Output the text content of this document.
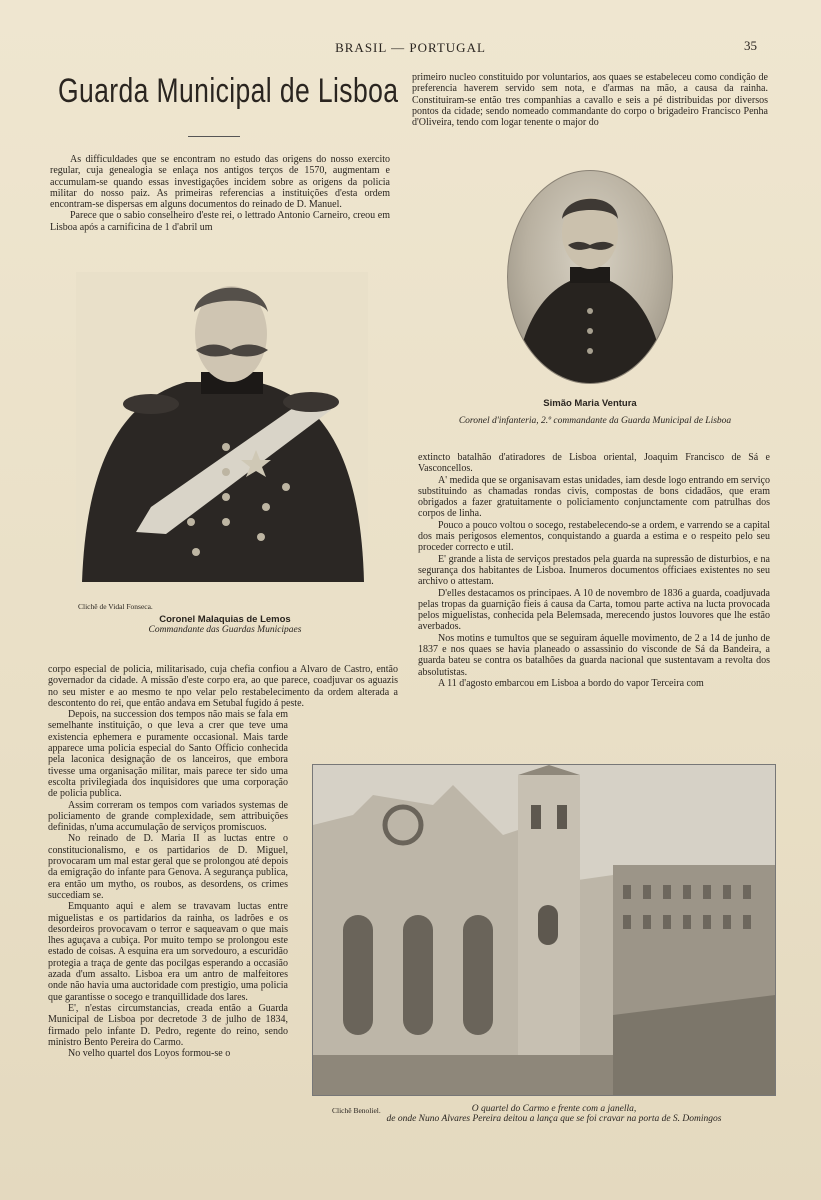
BRASIL — PORTUGAL	35
Guarda Municipal de Lisboa

As difficuldades que se encontram no estudo das origens do nosso exercito regular, cuja genealogia se enlaça nos antigos terços de 1570, augmentam e accumulam-se quando essas investigações incidem sobre as origens da policia militar do nosso paiz. As primeiras referencias a instituições d'esta ordem encontram-se dispersas em alguns documentos do reinado de D. Manuel.

Parece que o sabio conselheiro d'este rei, o lettrado Antonio Carneiro, creou em Lisboa após a carnificina de 1 d'abril um

Clichê de Vidal Fonseca.
Coronel Malaquias de Lemos
Commandante das Guardas Municipaes

corpo especial de policia, militarisado, cuja chefia confiou a Alvaro de Castro, então governador da cidade. A missão d'este corpo era, ao que parece, coadjuvar os aguazis no seu mister e ao mesmo te npo velar pelo restabelecimento da ordem alterada a descontento do rei, que então andava em Setubal fugido á peste.

Depois, na succession dos tempos não mais se fala em semelhante instituição, o que leva a crer que teve uma existencia ephemera e puramente occasional. Mais tarde apparece uma policia especial do Santo Officio conhecida pela laconica designação de os lanceiros, que embora tivesse uma organisação militar, mais parece ter sido uma escolta privilegiada dos inquisidores que uma corporação de policia publica.

Assim correram os tempos com variados systemas de policiamento de grande complexidade, sem attribuições definidas, n'uma accumulação de serviços promiscuos.

No reinado de D. Maria II as luctas entre o constitucionalismo, e os partidarios de D. Miguel, provocaram um mal estar geral que se prolongou até depois da emigração do infante para Genova. A segurança publica, era então um mytho, os roubos, as desordens, os crimes succediam se.

Emquanto aqui e alem se travavam luctas entre miguelistas e os partidarios da rainha, os ladrões e os desordeiros provocavam o terror e saqueavam o que mais lhes aguçava a cubiça. Por muito tempo se prolongou este estado de coisas. A esquina era um sorvedouro, a escuridão protegia a traça de gente das pocilgas esperando a occasião azada d'um assalto. Lisboa era um antro de malfeitores onde não havia uma auctoridade com prestigio, uma policia que garantisse o socego e tranquillidade dos lares.

E', n'estas circumstancias, creada então a Guarda Municipal de Lisboa por decretode 3 de julho de 1834, firmado pelo infante D. Pedro, regente do reino, sendo ministro Bento Pereira do Carmo.

No velho quartel dos Loyos formou-se o

primeiro nucleo constituido por voluntarios, aos quaes se estabeleceu como condição de preferencia haverem servido sem nota, e d'armas na mão, a causa da rainha. Constituiram-se então tres companhias a cavallo e seis a pé distribuidas por diversos pontos da cidade; sendo nomeado commandante do corpo o brigadeiro Francisco Penha d'Oliveira, tendo com logar tenente o major do

Simão Maria Ventura
Coronel d'infanteria, 2.º commandante da Guarda Municipal de Lisboa

extincto batalhão d'atiradores de Lisboa oriental, Joaquim Francisco de Sá e Vasconcellos.

A' medida que se organisavam estas unidades, iam desde logo entrando em serviço substituindo as chamadas rondas civis, compostas de bons cidadãos, que eram obrigados a fazer gratuitamente o policiamento conjunctamente com patrulhas dos corpos de linha.

Pouco a pouco voltou o socego, restabelecendo-se a ordem, e varrendo se a capital dos mais perigosos elementos, conquistando a guarda a estima e o respeito pelo seu proceder correcto e util.

E' grande a lista de serviços prestados pela guarda na supressão de disturbios, e na segurança dos habitantes de Lisboa. Inumeros documentos officiaes existentes no seu archivo o attestam.

D'elles destacamos os principaes. A 10 de novembro de 1836 a guarda, coadjuvada pelas tropas da guarnição fieis á causa da Carta, tomou parte activa na lucta provocada pelos miguelistas, conhecida pela Belemsada, merecendo justos louvores que lhe estão averbados.

Nos motins e tumultos que se seguiram áquelle movimento, de 2 a 14 de junho de 1837 e nos quaes se havia planeado o assassinio do visconde de Sá da Bandeira, a guarda bateu se contra os batalhões da guarda nacional que sustentavam a revolta dos absolutistas.

A 11 d'agosto embarcou em Lisboa a bordo do vapor Terceira com

Clichê Benoliel.	O quartel do Carmo e frente com a janella,
de onde Nuno Alvares Pereira deitou a lança que se foi cravar na porta de S. Domingos
